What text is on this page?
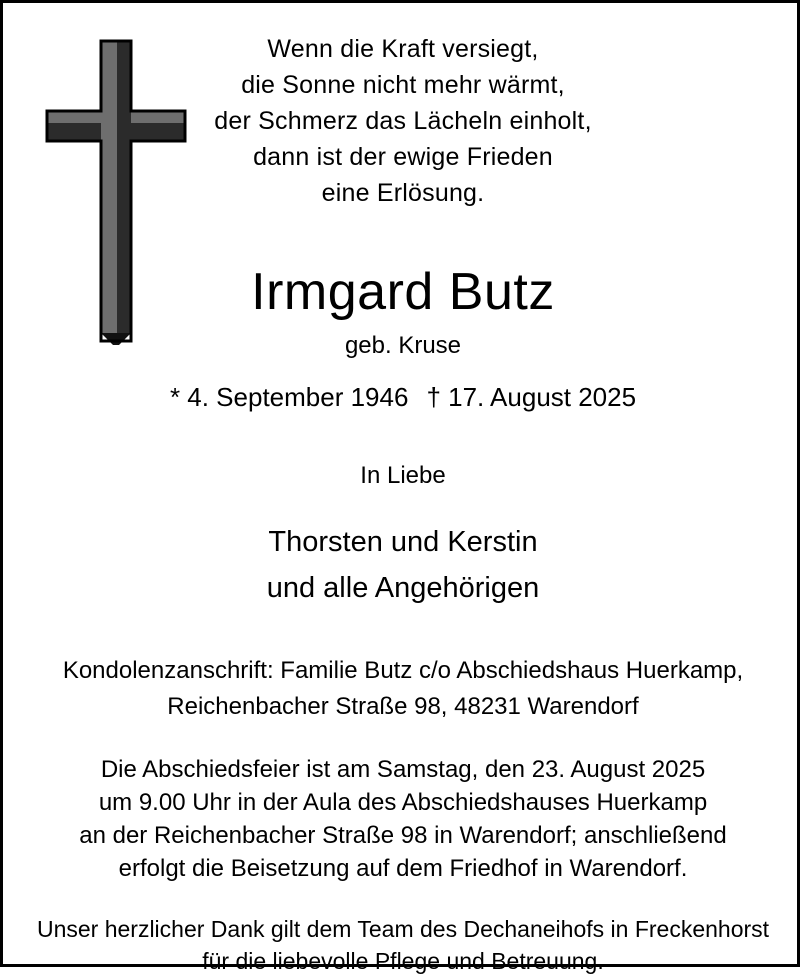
Wenn die Kraft versiegt,
die Sonne nicht mehr wärmt,
der Schmerz das Lächeln einholt,
dann ist der ewige Frieden
eine Erlösung.
Irmgard Butz
geb. Kruse
* 4. September 1946 † 17. August 2025
In Liebe
Thorsten und Kerstin
und alle Angehörigen
Kondolenzanschrift: Familie Butz c/o Abschiedshaus Huerkamp,
Reichenbacher Straße 98, 48231 Warendorf
Die Abschiedsfeier ist am Samstag, den 23. August 2025
um 9.00 Uhr in der Aula des Abschiedshauses Huerkamp
an der Reichenbacher Straße 98 in Warendorf; anschließend
erfolgt die Beisetzung auf dem Friedhof in Warendorf.
Unser herzlicher Dank gilt dem Team des Dechaneihofs in Freckenhorst
für die liebevolle Pflege und Betreuung.
